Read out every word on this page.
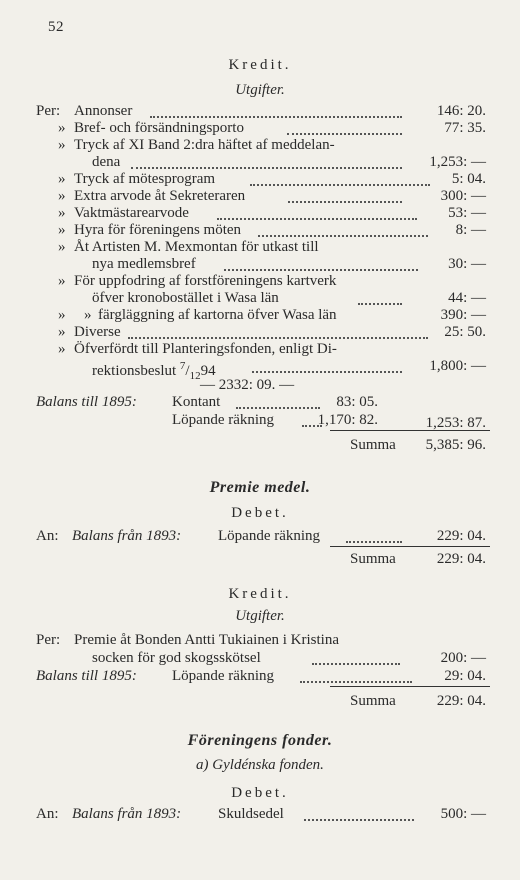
52
Kredit.
Utgifter.
Per: Annonser	146: 20.
» Bref- och försändningsporto	77: 35.
» Tryck af XI Band 2:dra häftet af meddelan-
dena	1,253: —
» Tryck af mötesprogram	5: 04.
» Extra arvode åt Sekreteraren	300: —
» Vaktmästarearvode	53: —
» Hyra för föreningens möten	8: —
» Åt Artisten M. Mexmontan för utkast till
nya medlemsbref	30: —
» För uppfodring af forstföreningens kartverk
öfver kronobostället i Wasa län	44: —
» » färgläggning af kartorna öfver Wasa län	390: —
» Diverse	25: 50.
» Öfverfördt till Planteringsfonden, enligt Di-
rektionsbeslut $^7/_{12}94$	1,800: —
— 2332: 09. —
Balans till 1895: Kontant	83: 05.
Löpande räkning	1,170: 82.	1,253: 87.
Summa 5,385: 96.
Premie medel.
Debet.
An: Balans från 1893: Löpande räkning	229: 04.
Summa	229: 04.
Kredit.
Utgifter.
Per: Premie åt Bonden Antti Tukiainen i Kristina
socken för god skogsskötsel	200: —
Balans till 1895: Löpande räkning	29: 04.
Summa	229: 04.
Föreningens fonder.
a) Gyldénska fonden.
Debet.
An: Balans från 1893: Skuldsedel	500: —
